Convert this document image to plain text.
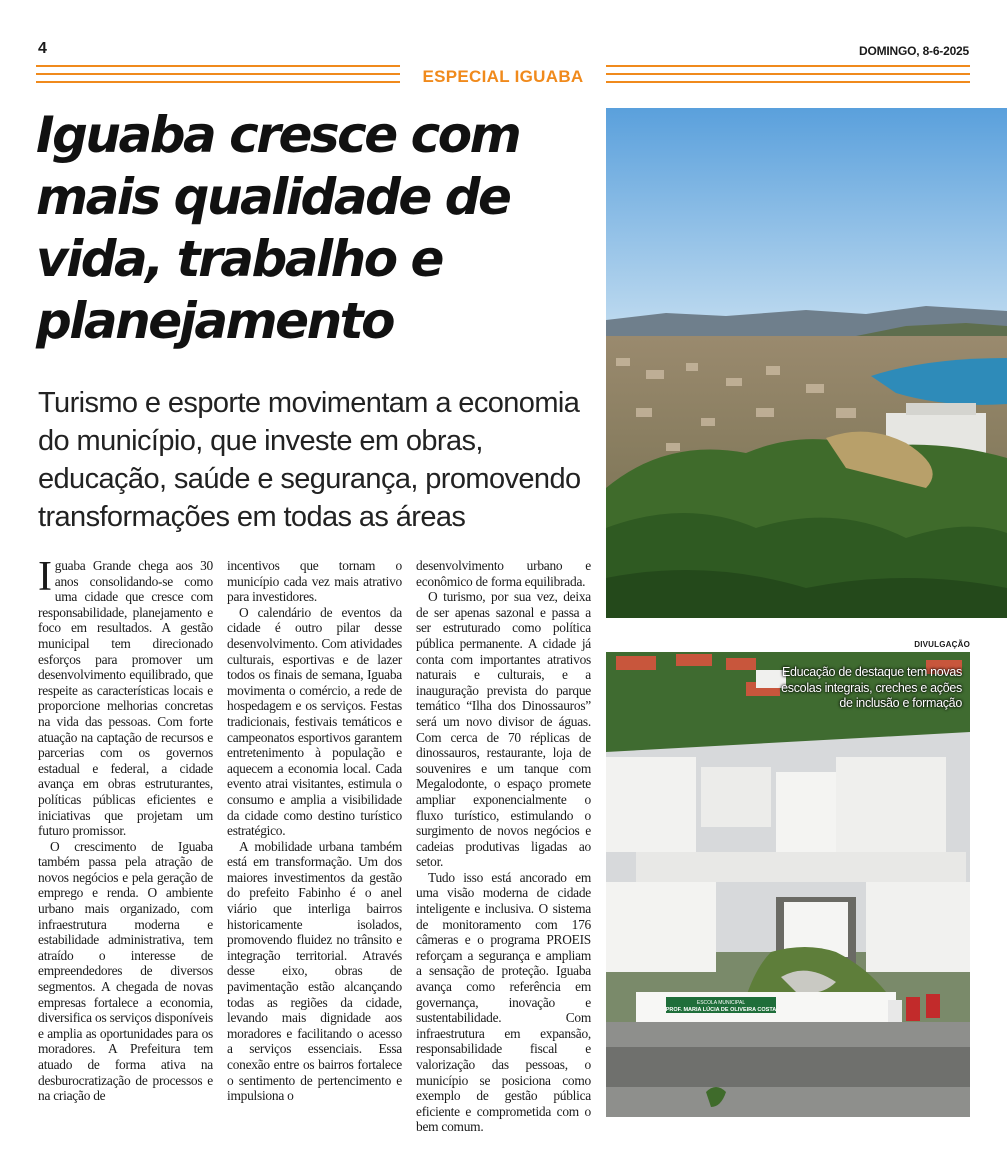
4	DOMINGO, 8-6-2025
ESPECIAL IGUABA
Iguaba cresce com mais qualidade de vida, trabalho e planejamento

Turismo e esporte movimentam a economia do município, que investe em obras, educação, saúde e segurança, promovendo transformações em todas as áreas

Iguaba Grande chega aos 30 anos consolidando-se como uma cidade que cresce com responsabilidade, planejamento e foco em resultados. A gestão municipal tem direcionado esforços para promover um desenvolvimento equilibrado, que respeite as características locais e proporcione melhorias concretas na vida das pessoas. Com forte atuação na captação de recursos e parcerias com os governos estadual e federal, a cidade avança em obras estruturantes, políticas públicas eficientes e iniciativas que projetam um futuro promissor.

O crescimento de Iguaba também passa pela atração de novos negócios e pela geração de emprego e renda. O ambiente urbano mais organizado, com infraestrutura moderna e estabilidade administrativa, tem atraído o interesse de empreendedores de diversos segmentos. A chegada de novas empresas fortalece a economia, diversifica os serviços disponíveis e amplia as oportunidades para os moradores. A Prefeitura tem atuado de forma ativa na desburocratização de processos e na criação de

incentivos que tornam o município cada vez mais atrativo para investidores.

O calendário de eventos da cidade é outro pilar desse desenvolvimento. Com atividades culturais, esportivas e de lazer todos os finais de semana, Iguaba movimenta o comércio, a rede de hospedagem e os serviços. Festas tradicionais, festivais temáticos e campeonatos esportivos garantem entretenimento à população e aquecem a economia local. Cada evento atrai visitantes, estimula o consumo e amplia a visibilidade da cidade como destino turístico estratégico.

A mobilidade urbana também está em transformação. Um dos maiores investimentos da gestão do prefeito Fabinho é o anel viário que interliga bairros historicamente isolados, promovendo fluidez no trânsito e integração territorial. Através desse eixo, obras de pavimentação estão alcançando todas as regiões da cidade, levando mais dignidade aos moradores e facilitando o acesso a serviços essenciais. Essa conexão entre os bairros fortalece o sentimento de pertencimento e impulsiona o

desenvolvimento urbano e econômico de forma equilibrada.

O turismo, por sua vez, deixa de ser apenas sazonal e passa a ser estruturado como política pública permanente. A cidade já conta com importantes atrativos naturais e culturais, e a inauguração prevista do parque temático “Ilha dos Dinossauros” será um novo divisor de águas. Com cerca de 70 réplicas de dinossauros, restaurante, loja de souvenires e um tanque com Megalodonte, o espaço promete ampliar exponencialmente o fluxo turístico, estimulando o surgimento de novos negócios e cadeias produtivas ligadas ao setor.

Tudo isso está ancorado em uma visão moderna de cidade inteligente e inclusiva. O sistema de monitoramento com 176 câmeras e o programa PROEIS reforçam a segurança e ampliam a sensação de proteção. Iguaba avança como referência em governança, inovação e sustentabilidade. Com infraestrutura em expansão, responsabilidade fiscal e valorização das pessoas, o município se posiciona como exemplo de gestão pública eficiente e comprometida com o bem comum.

DIVULGAÇÃO
ESCOLA MUNICIPAL
PROF. MARIA LÚCIA DE OLIVEIRA COSTA
Educação de destaque tem novas escolas integrais, creches e ações de inclusão e formação
